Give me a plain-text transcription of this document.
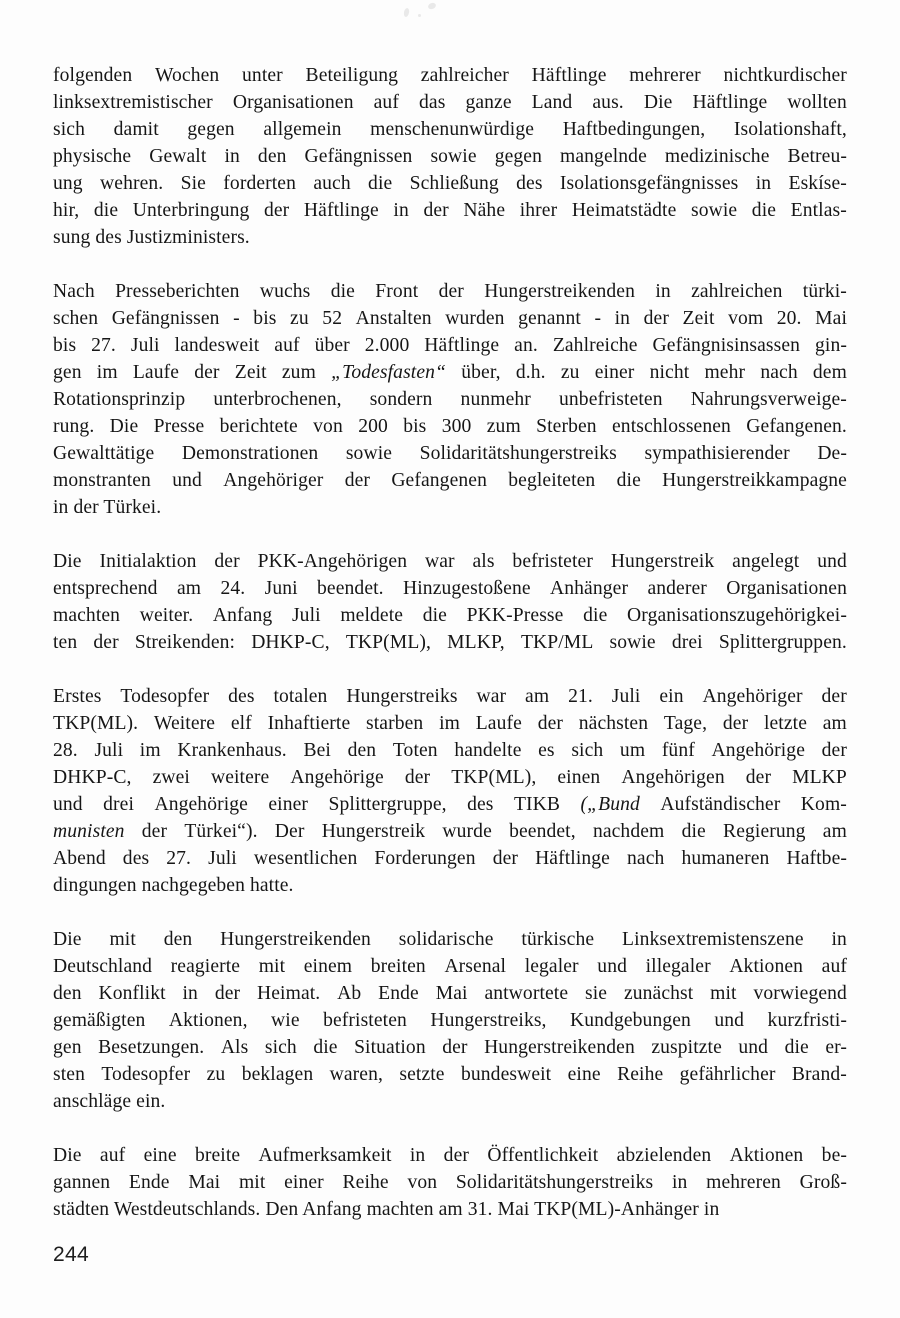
folgenden Wochen unter Beteiligung zahlreicher Häftlinge mehrerer nichtkurdischer
linksextremistischer Organisationen auf das ganze Land aus. Die Häftlinge wollten
sich damit gegen allgemein menschenunwürdige Haftbedingungen, Isolationshaft,
physische Gewalt in den Gefängnissen sowie gegen mangelnde medizinische Betreu-
ung wehren. Sie forderten auch die Schließung des Isolationsgefängnisses in Eskíse-
hir, die Unterbringung der Häftlinge in der Nähe ihrer Heimatstädte sowie die Entlas-
sung des Justizministers.

Nach Presseberichten wuchs die Front der Hungerstreikenden in zahlreichen türki-
schen Gefängnissen - bis zu 52 Anstalten wurden genannt - in der Zeit vom 20. Mai
bis 27. Juli landesweit auf über 2.000 Häftlinge an. Zahlreiche Gefängnisinsassen gin-
gen im Laufe der Zeit zum „Todesfasten“ über, d.h. zu einer nicht mehr nach dem
Rotationsprinzip unterbrochenen, sondern nunmehr unbefristeten Nahrungsverweige-
rung. Die Presse berichtete von 200 bis 300 zum Sterben entschlossenen Gefangenen.
Gewalttätige Demonstrationen sowie Solidaritätshungerstreiks sympathisierender De-
monstranten und Angehöriger der Gefangenen begleiteten die Hungerstreikkampagne
in der Türkei.

Die Initialaktion der PKK-Angehörigen war als befristeter Hungerstreik angelegt und
entsprechend am 24. Juni beendet. Hinzugestoßene Anhänger anderer Organisationen
machten weiter. Anfang Juli meldete die PKK-Presse die Organisationszugehörigkei-
ten der Streikenden: DHKP-C, TKP(ML), MLKP, TKP/ML sowie drei Splittergruppen.

Erstes Todesopfer des totalen Hungerstreiks war am 21. Juli ein Angehöriger der
TKP(ML). Weitere elf Inhaftierte starben im Laufe der nächsten Tage, der letzte am
28. Juli im Krankenhaus. Bei den Toten handelte es sich um fünf Angehörige der
DHKP-C, zwei weitere Angehörige der TKP(ML), einen Angehörigen der MLKP
und drei Angehörige einer Splittergruppe, des TIKB („Bund Aufständischer Kom-
munisten der Türkei“). Der Hungerstreik wurde beendet, nachdem die Regierung am
Abend des 27. Juli wesentlichen Forderungen der Häftlinge nach humaneren Haftbe-
dingungen nachgegeben hatte.

Die mit den Hungerstreikenden solidarische türkische Linksextremistenszene in
Deutschland reagierte mit einem breiten Arsenal legaler und illegaler Aktionen auf
den Konflikt in der Heimat. Ab Ende Mai antwortete sie zunächst mit vorwiegend
gemäßigten Aktionen, wie befristeten Hungerstreiks, Kundgebungen und kurzfristi-
gen Besetzungen. Als sich die Situation der Hungerstreikenden zuspitzte und die er-
sten Todesopfer zu beklagen waren, setzte bundesweit eine Reihe gefährlicher Brand-
anschläge ein.

Die auf eine breite Aufmerksamkeit in der Öffentlichkeit abzielenden Aktionen be-
gannen Ende Mai mit einer Reihe von Solidaritätshungerstreiks in mehreren Groß-
städten Westdeutschlands. Den Anfang machten am 31. Mai TKP(ML)-Anhänger in

244
